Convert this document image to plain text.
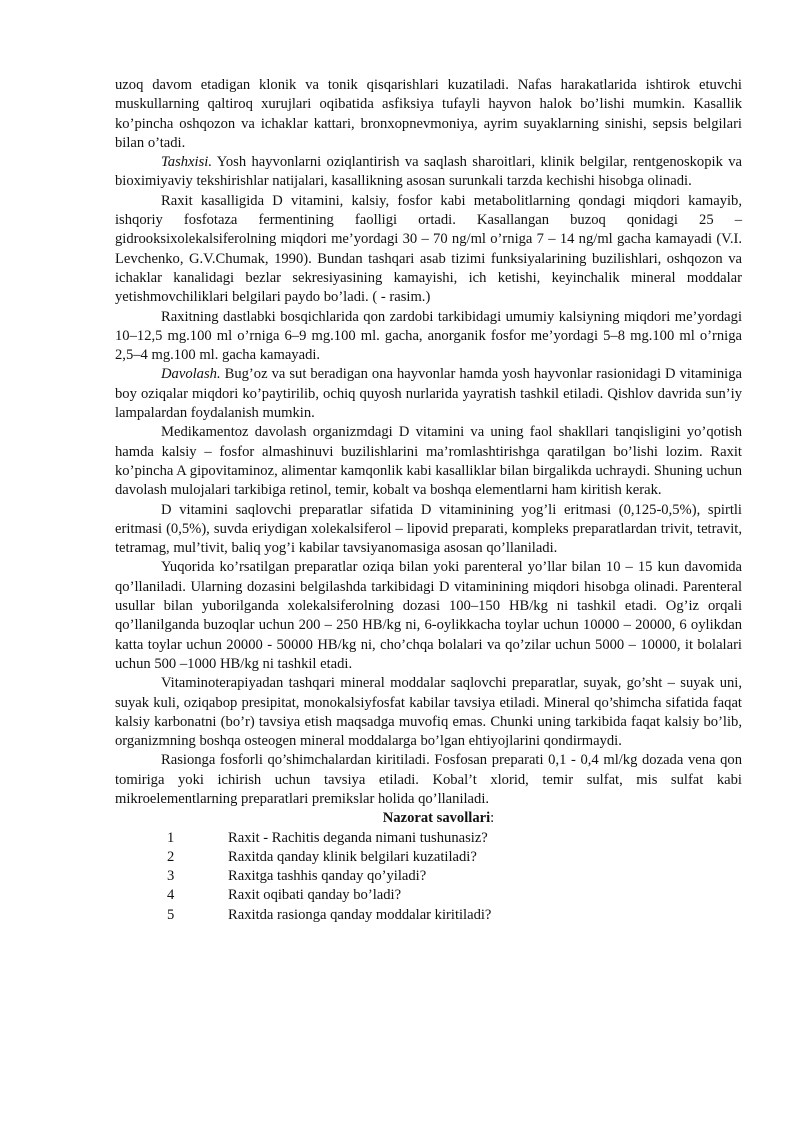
uzoq davom etadigan klonik va tonik qisqarishlari kuzatiladi. Nafas harakatlarida ishtirok etuvchi muskullarning qaltiroq xurujlari oqibatida asfiksiya tufayli hayvon halok bo’lishi mumkin. Kasallik ko’pincha oshqozon va ichaklar kattari, bronxopnevmoniya, ayrim suyaklarning sinishi, sepsis belgilari bilan o’tadi.

Tashxisi. Yosh hayvonlarni oziqlantirish va saqlash sharoitlari, klinik belgilar, rentgenoskopik va bioximiyaviy tekshirishlar natijalari, kasallikning asosan surunkali tarzda kechishi hisobga olinadi.

Raxit kasalligida D vitamini, kalsiy, fosfor kabi metabolitlarning qondagi miqdori kamayib, ishqoriy fosfotaza fermentining faolligi ortadi. Kasallangan buzoq qonidagi 25 – gidrooksixolekalsiferolning miqdori me’yordagi 30 – 70 ng/ml o’rniga 7 – 14 ng/ml gacha kamayadi (V.I. Levchenko, G.V.Chumak, 1990). Bundan tashqari asab tizimi funksiyalarining buzilishlari, oshqozon va ichaklar kanalidagi bezlar sekresiyasining kamayishi, ich ketishi, keyinchalik mineral moddalar yetishmovchiliklari belgilari paydo bo’ladi. ( - rasim.)

Raxitning dastlabki bosqichlarida qon zardobi tarkibidagi umumiy kalsiyning miqdori me’yordagi 10–12,5 mg.100 ml o’rniga 6–9 mg.100 ml. gacha, anorganik fosfor me’yordagi 5–8 mg.100 ml o’rniga 2,5–4 mg.100 ml. gacha kamayadi.

Davolash. Bug’oz va sut beradigan ona hayvonlar hamda yosh hayvonlar rasionidagi D vitaminiga boy oziqalar miqdori ko’paytirilib, ochiq quyosh nurlarida yayratish tashkil etiladi. Qishlov davrida sun’iy lampalardan foydalanish mumkin.

Medikamentoz davolash organizmdagi D vitamini va uning faol shakllari tanqisligini yo’qotish hamda kalsiy – fosfor almashinuvi buzilishlarini ma’romlashtirishga qaratilgan bo’lishi lozim. Raxit ko’pincha A gipovitaminoz, alimentar kamqonlik kabi kasalliklar bilan birgalikda uchraydi. Shuning uchun davolash mulojalari tarkibiga retinol, temir, kobalt va boshqa elementlarni ham kiritish kerak.

D vitamini saqlovchi preparatlar sifatida D vitaminining yog’li eritmasi (0,125-0,5%), spirtli eritmasi (0,5%), suvda eriydigan xolekalsiferol – lipovid preparati, kompleks preparatlardan trivit, tetravit, tetramag, mul’tivit, baliq yog’i kabilar tavsiyanomasiga asosan qo’llaniladi.

Yuqorida ko’rsatilgan preparatlar oziqa bilan yoki parenteral yo’llar bilan 10 – 15 kun davomida qo’llaniladi. Ularning dozasini belgilashda tarkibidagi D vitaminining miqdori hisobga olinadi. Parenteral usullar bilan yuborilganda xolekalsiferolning dozasi 100–150 HB/kg ni tashkil etadi. Og’iz orqali qo’llanilganda buzoqlar uchun 200 – 250 HB/kg ni, 6-oylikkacha toylar uchun 10000 – 20000, 6 oylikdan katta toylar uchun 20000 - 50000 HB/kg ni, cho’chqa bolalari va qo’zilar uchun 5000 – 10000, it bolalari uchun 500 –1000 HB/kg ni tashkil etadi.

Vitaminoterapiyadan tashqari mineral moddalar saqlovchi preparatlar, suyak, go’sht – suyak uni, suyak kuli, oziqabop presipitat, monokalsiyfosfat kabilar tavsiya etiladi. Mineral qo’shimcha sifatida faqat kalsiy karbonatni (bo’r) tavsiya etish maqsadga muvofiq emas. Chunki uning tarkibida faqat kalsiy bo’lib, organizmning boshqa osteogen mineral moddalarga bo’lgan ehtiyojlarini qondirmaydi.

Rasionga fosforli qo’shimchalardan kiritiladi. Fosfosan preparati 0,1 - 0,4 ml/kg dozada vena qon tomiriga yoki ichirish uchun tavsiya etiladi. Kobal’t xlorid, temir sulfat, mis sulfat kabi mikroelementlarning preparatlari premikslar holida qo’llaniladi.

Nazorat savollari:

1	Raxit - Rachitis deganda nimani tushunasiz?
2	Raxitda qanday klinik belgilari kuzatiladi?
3	Raxitga tashhis qanday qo’yiladi?
4	Raxit oqibati qanday bo’ladi?
5	Raxitda rasionga qanday moddalar kiritiladi?
